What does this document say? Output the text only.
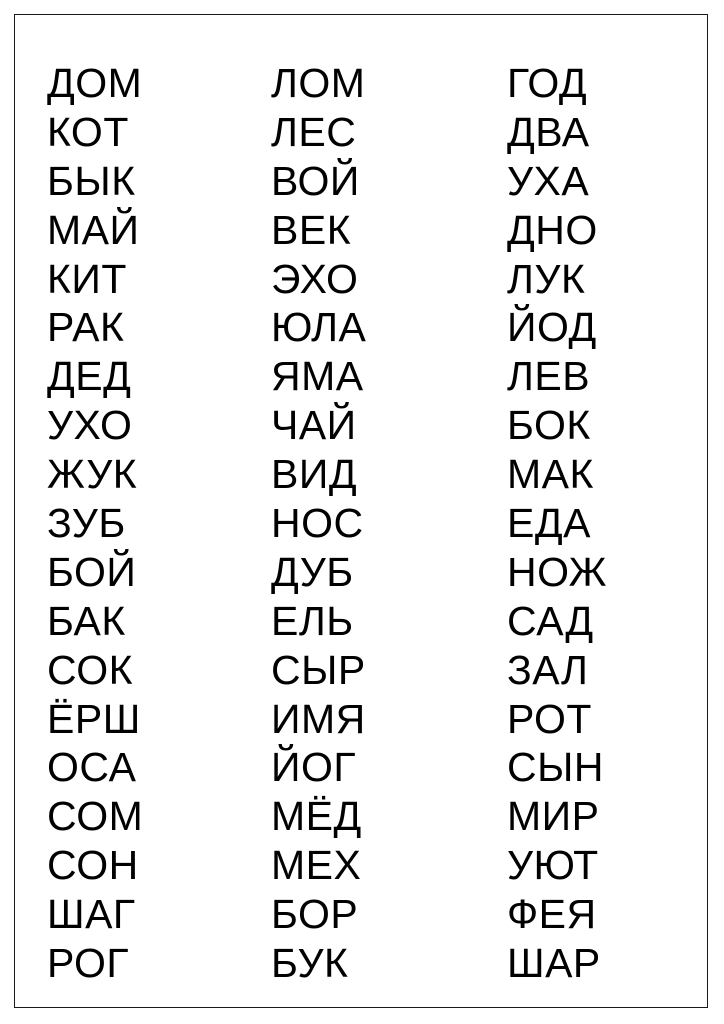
ДОМ
КОТ
БЫК
МАЙ
КИТ
РАК
ДЕД
УХО
ЖУК
ЗУБ
БОЙ
БАК
СОК
ЁРШ
ОСА
СОМ
СОН
ШАГ
РОГ
ЛОМ
ЛЕС
ВОЙ
ВЕК
ЭХО
ЮЛА
ЯМА
ЧАЙ
ВИД
НОС
ДУБ
ЕЛЬ
СЫР
ИМЯ
ЙОГ
МЁД
МЕХ
БОР
БУК
ГОД
ДВА
УХА
ДНО
ЛУК
ЙОД
ЛЕВ
БОК
МАК
ЕДА
НОЖ
САД
ЗАЛ
РОТ
СЫН
МИР
УЮТ
ФЕЯ
ШАР
